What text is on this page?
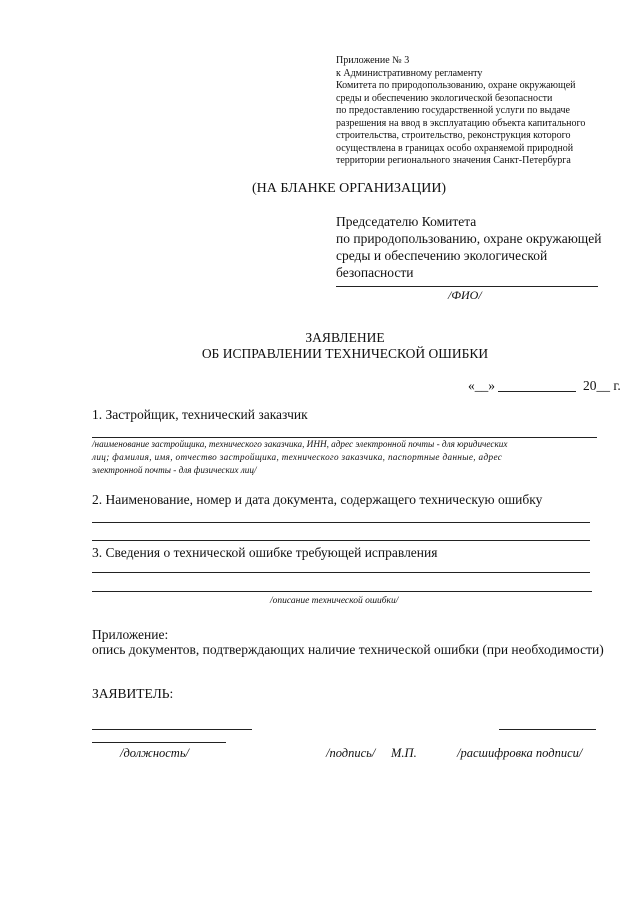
Приложение № 3
к Административному регламенту
Комитета по природопользованию, охране окружающей
среды и обеспечению экологической безопасности
по предоставлению государственной услуги по выдаче
разрешения на ввод в эксплуатацию объекта капитального
строительства, строительство, реконструкция которого
осуществлена в границах особо охраняемой природной
территории регионального значения Санкт-Петербурга
(НА БЛАНКЕ ОРГАНИЗАЦИИ)
Председателю Комитета
по природопользованию, охране окружающей
среды и обеспечению экологической
безопасности
/ФИО/
ЗАЯВЛЕНИЕ
ОБ ИСПРАВЛЕНИИ ТЕХНИЧЕСКОЙ ОШИБКИ
«__»	20__ г.
1. Застройщик, технический заказчик
/наименование застройщика, технического заказчика, ИНН, адрес электронной почты - для юридических
лиц; фамилия, имя, отчество застройщика, технического заказчика, паспортные данные, адрес
электронной почты - для физических лиц/
2. Наименование, номер и дата документа, содержащего техническую ошибку
3. Сведения о технической ошибке требующей исправления
/описание технической ошибки/
Приложение:
опись документов, подтверждающих наличие технической ошибки (при необходимости)
ЗАЯВИТЕЛЬ:
/должность/	/подпись/ М.П.	/расшифровка подписи/
